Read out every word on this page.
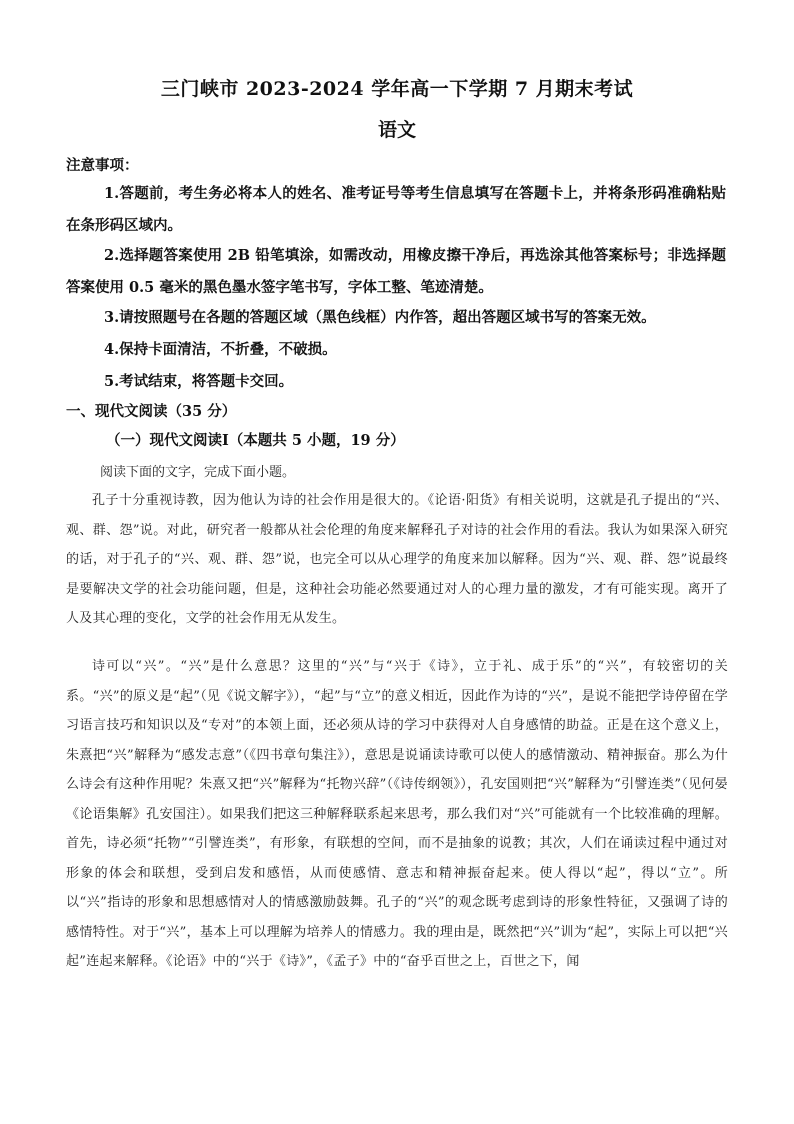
三门峡市 2023-2024 学年高一下学期 7 月期末考试
语文
注意事项：
1.答题前，考生务必将本人的姓名、准考证号等考生信息填写在答题卡上，并将条形码准确粘贴在条形码区域内。
2.选择题答案使用 2B 铅笔填涂，如需改动，用橡皮擦干净后，再选涂其他答案标号；非选择题答案使用 0.5 毫米的黑色墨水签字笔书写，字体工整、笔迹清楚。
3.请按照题号在各题的答题区域（黑色线框）内作答，超出答题区域书写的答案无效。
4.保持卡面清洁，不折叠，不破损。
5.考试结束，将答题卡交回。
一、现代文阅读（35 分）
（一）现代文阅读Ⅰ（本题共 5 小题，19 分）
阅读下面的文字，完成下面小题。
孔子十分重视诗教，因为他认为诗的社会作用是很大的。《论语·阳货》有相关说明，这就是孔子提出的“兴、观、群、怨”说。对此，研究者一般都从社会伦理的角度来解释孔子对诗的社会作用的看法。我认为如果深入研究的话，对于孔子的“兴、观、群、怨”说，也完全可以从心理学的角度来加以解释。因为“兴、观、群、怨”说最终是要解决文学的社会功能问题，但是，这种社会功能必然要通过对人的心理力量的激发，才有可能实现。离开了人及其心理的变化，文学的社会作用无从发生。
诗可以“兴”。“兴”是什么意思？这里的“兴”与“兴于《诗》，立于礼、成于乐”的“兴”，有较密切的关系。“兴”的原义是“起”（见《说文解字》），“起”与“立”的意义相近，因此作为诗的“兴”，是说不能把学诗停留在学习语言技巧和知识以及“专对”的本领上面，还必须从诗的学习中获得对人自身感情的助益。正是在这个意义上，朱熹把“兴”解释为“感发志意”（《四书章句集注》），意思是说诵读诗歌可以使人的感情激动、精神振奋。那么为什么诗会有这种作用呢？朱熹又把“兴”解释为“托物兴辞”（《诗传纲领》），孔安国则把“兴”解释为“引譬连类”（见何晏《论语集解》孔安国注）。如果我们把这三种解释联系起来思考，那么我们对“兴”可能就有一个比较准确的理解。首先，诗必须“托物”“引譬连类”，有形象，有联想的空间，而不是抽象的说教；其次，人们在诵读过程中通过对形象的体会和联想，受到启发和感悟，从而使感情、意志和精神振奋起来。使人得以“起”，得以“立”。所以“兴”指诗的形象和思想感情对人的情感激励鼓舞。孔子的“兴”的观念既考虑到诗的形象性特征，又强调了诗的感情特性。对于“兴”，基本上可以理解为培养人的情感力。我的理由是，既然把“兴”训为“起”，实际上可以把“兴起”连起来解释。《论语》中的“兴于《诗》”，《孟子》中的“奋乎百世之上，百世之下，闻
